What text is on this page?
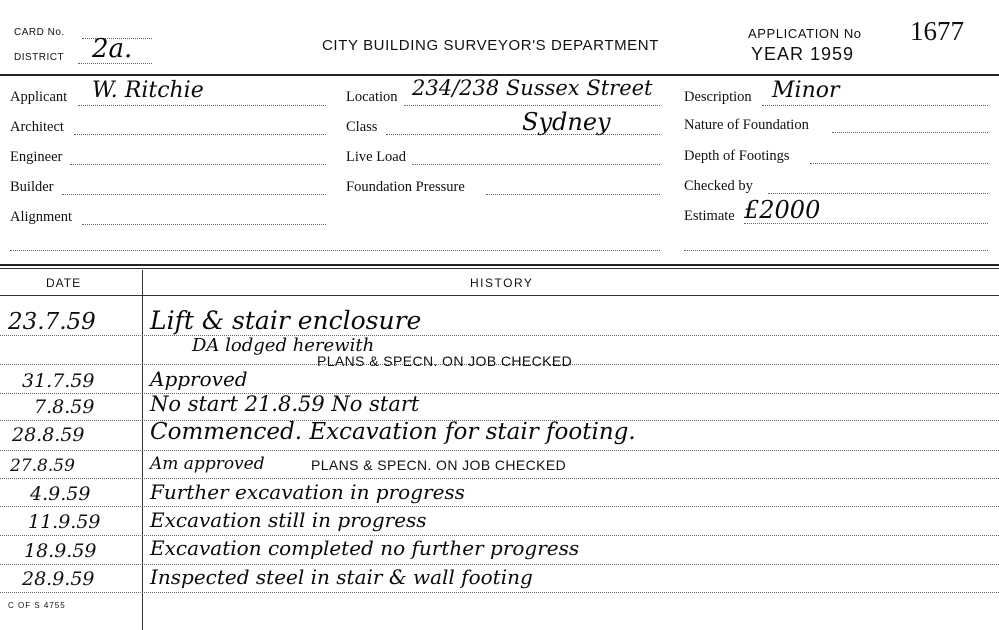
CARD No.
DISTRICT 2a.	CITY BUILDING SURVEYOR'S DEPARTMENT
APPLICATION No 1677
YEAR 1959
Applicant W. Ritchie
Architect
Engineer
Builder
Alignment
Location 234/238 Sussex Street
Class	Sydney
Live Load
Foundation Pressure
Description Minor
Nature of Foundation
Depth of Footings
Checked by
Estimate £2000
DATE	HISTORY
23.7.59 Lift & stair enclosure
DA lodged herewith
31.7.59	Approved
PLANS & SPECN. ON JOB CHECKED
7.8.59	No start 21.8.59 No start
28.8.59	Commenced. Excavation for stair footing.
27.8.59	Am approved	PLANS & SPECN. ON JOB CHECKED
4.9.59	Further excavation in progress
11.9.59 Excavation still in progress
18.9.59	Excavation completed no further progress
28.9.59	Inspected steel in stair & wall footing
C OF S 4755
